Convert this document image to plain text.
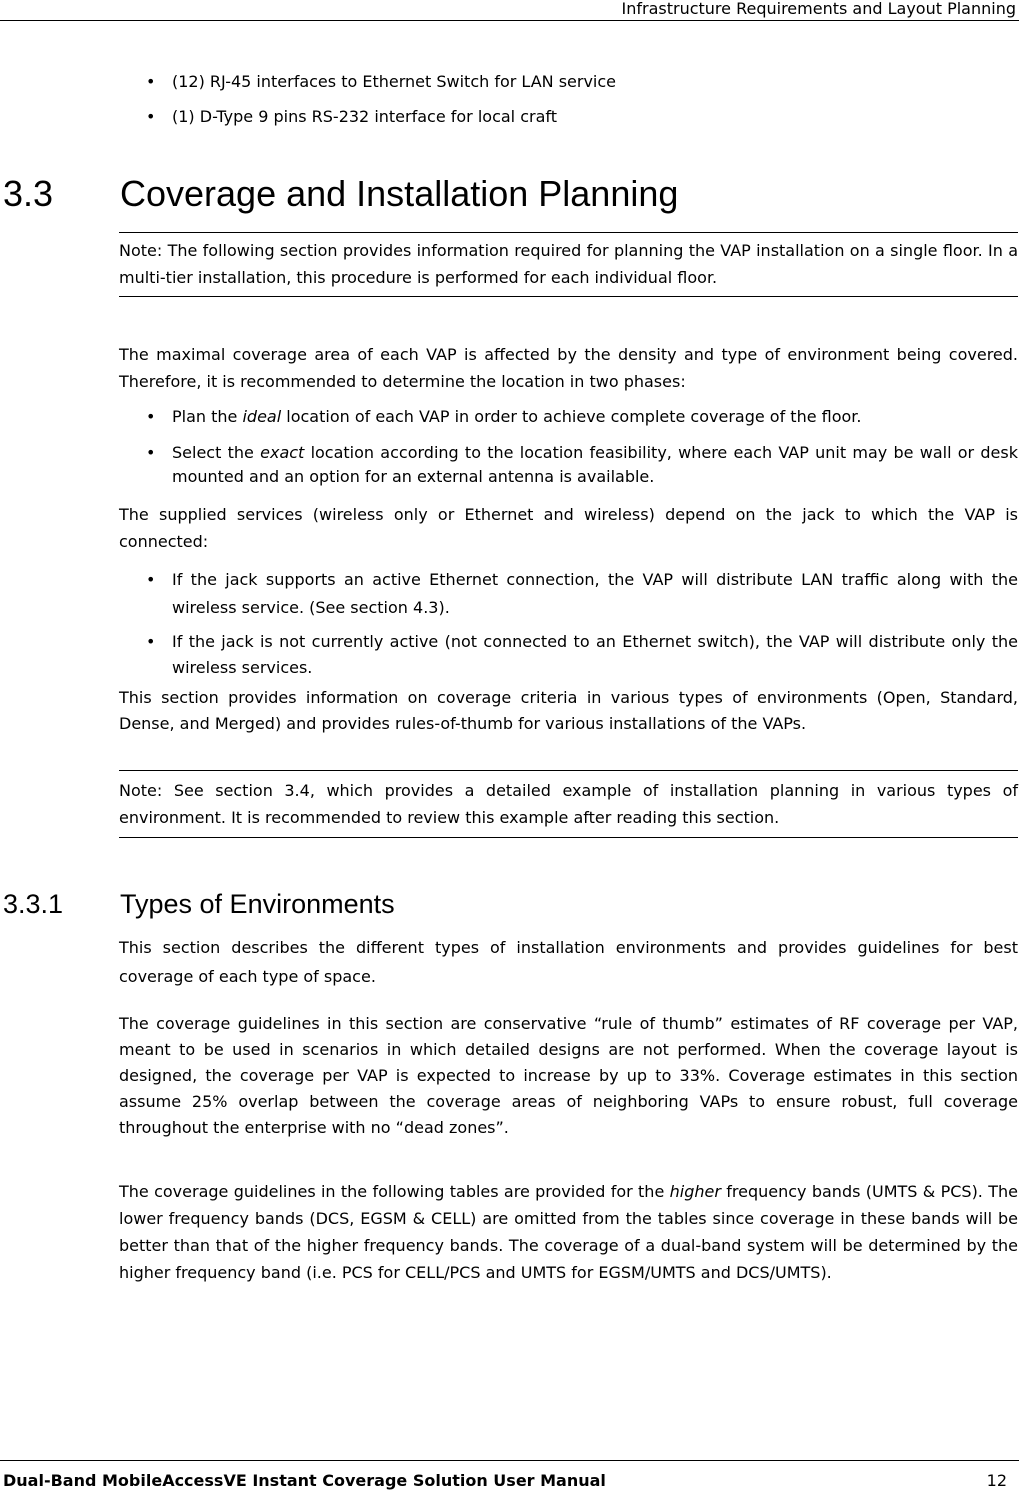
Infrastructure Requirements and Layout Planning
• (12) RJ-45 interfaces to Ethernet Switch for LAN service
• (1) D-Type 9 pins RS-232 interface for local craft
3.3 Coverage and Installation Planning
Note: The following section provides information required for planning the VAP installation on a single floor. In a multi-tier installation, this procedure is performed for each individual floor.
The maximal coverage area of each VAP is affected by the density and type of environment being covered. Therefore, it is recommended to determine the location in two phases:
• Plan the ideal location of each VAP in order to achieve complete coverage of the floor.
• Select the exact location according to the location feasibility, where each VAP unit may be wall or desk mounted and an option for an external antenna is available.
The supplied services (wireless only or Ethernet and wireless) depend on the jack to which the VAP is connected:
• If the jack supports an active Ethernet connection, the VAP will distribute LAN traffic along with the wireless service. (See section 4.3).
• If the jack is not currently active (not connected to an Ethernet switch), the VAP will distribute only the wireless services.
This section provides information on coverage criteria in various types of environments (Open, Standard, Dense, and Merged) and provides rules-of-thumb for various installations of the VAPs.
Note: See section 3.4, which provides a detailed example of installation planning in various types of environment. It is recommended to review this example after reading this section.
3.3.1 Types of Environments
This section describes the different types of installation environments and provides guidelines for best coverage of each type of space.
The coverage guidelines in this section are conservative “rule of thumb” estimates of RF coverage per VAP, meant to be used in scenarios in which detailed designs are not performed. When the coverage layout is designed, the coverage per VAP is expected to increase by up to 33%. Coverage estimates in this section assume 25% overlap between the coverage areas of neighboring VAPs to ensure robust, full coverage throughout the enterprise with no “dead zones”.
The coverage guidelines in the following tables are provided for the higher frequency bands (UMTS & PCS). The lower frequency bands (DCS, EGSM & CELL) are omitted from the tables since coverage in these bands will be better than that of the higher frequency bands. The coverage of a dual-band system will be determined by the higher frequency band (i.e. PCS for CELL/PCS and UMTS for EGSM/UMTS and DCS/UMTS).
Dual-Band MobileAccessVE Instant Coverage Solution User Manual	12
